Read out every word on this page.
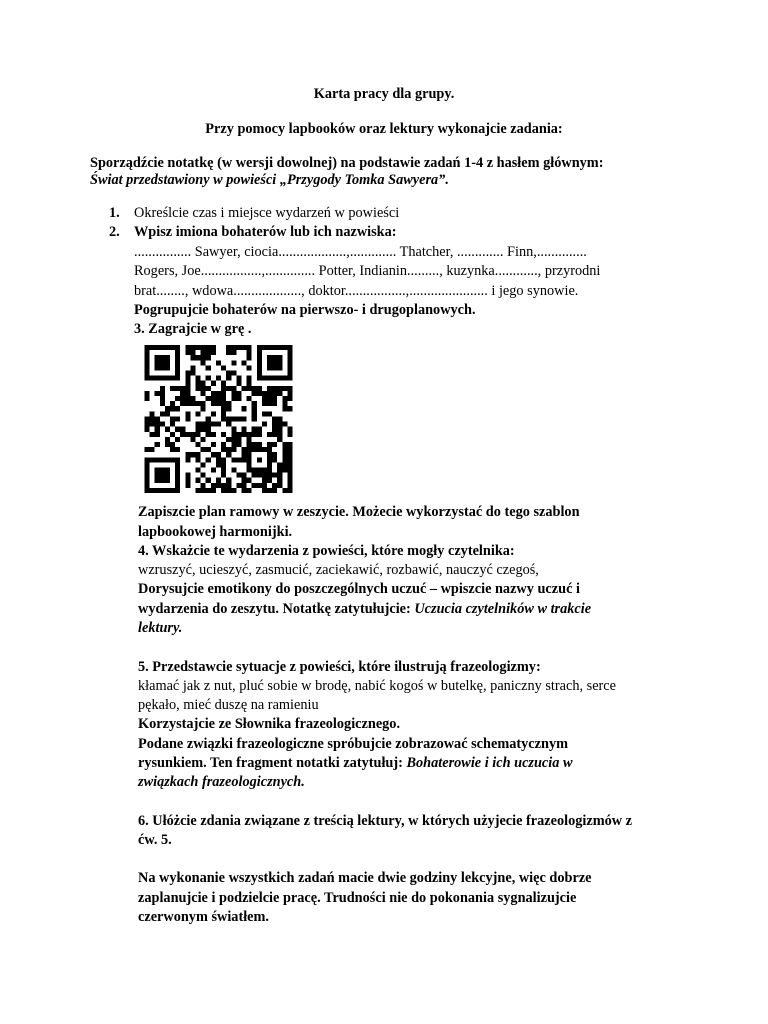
Karta pracy dla grupy.
Przy pomocy lapbooków oraz lektury wykonajcie zadania:
Sporządźcie notatkę (w wersji dowolnej) na podstawie zadań 1-4 z hasłem głównym:
Świat przedstawiony w powieści „Przygody Tomka Sawyera”.
1. Określcie czas i miejsce wydarzeń w powieści
2. Wpisz imiona bohaterów lub ich nazwiska:
................ Sawyer, ciocia...................,............. Thatcher, ............. Finn,..............
Rogers, Joe.................,.............. Potter, Indianin........., kuzynka............, przyrodni
brat........, wdowa..................., doktor.................,...................... i jego synowie.
Pogrupujcie bohaterów na pierwszo- i drugoplanowych.
3. Zagrajcie w grę .
Zapiszcie plan ramowy w zeszycie. Możecie wykorzystać do tego szablon
lapbookowej harmonijki.
4. Wskażcie te wydarzenia z powieści, które mogły czytelnika:
wzruszyć, ucieszyć, zasmucić, zaciekawić, rozbawić, nauczyć czegoś,
Dorysujcie emotikony do poszczególnych uczuć – wpiszcie nazwy uczuć i
wydarzenia do zeszytu. Notatkę zatytułujcie: Uczucia czytelników w trakcie
lektury.
5. Przedstawcie sytuacje z powieści, które ilustrują frazeologizmy:
kłamać jak z nut, pluć sobie w brodę, nabić kogoś w butelkę, paniczny strach, serce
pękało, mieć duszę na ramieniu
Korzystajcie ze Słownika frazeologicznego.
Podane związki frazeologiczne spróbujcie zobrazować schematycznym
rysunkiem. Ten fragment notatki zatytułuj: Bohaterowie i ich uczucia w
związkach frazeologicznych.
6. Ułóżcie zdania związane z treścią lektury, w których użyjecie frazeologizmów z
ćw. 5.
Na wykonanie wszystkich zadań macie dwie godziny lekcyjne, więc dobrze
zaplanujcie i podzielcie pracę. Trudności nie do pokonania sygnalizujcie
czerwonym światłem.
